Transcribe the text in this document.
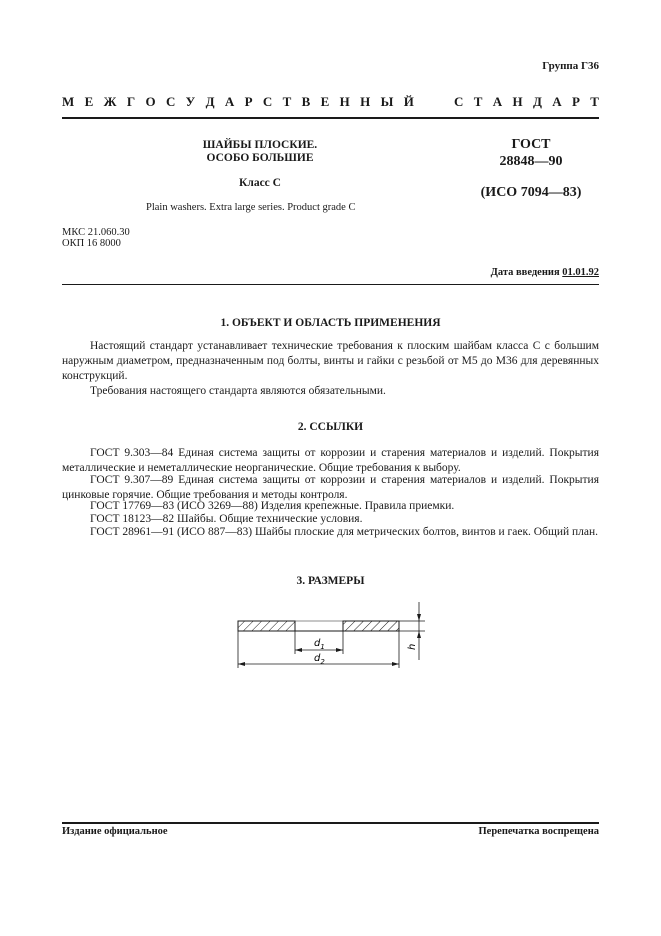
Группа Г36
М Е Ж Г О С У Д А Р С Т В Е Н Н Ы Й	С Т А Н Д А Р Т
ШАЙБЫ ПЛОСКИЕ.
ОСОБО БОЛЬШИЕ
Класс С
Plain washers. Extra large series. Product grade C
ГОСТ
28848—90
(ИСО 7094—83)
МКС 21.060.30
ОКП 16 8000
Дата введения 01.01.92
1. ОБЪЕКТ И ОБЛАСТЬ ПРИМЕНЕНИЯ

Настоящий стандарт устанавливает технические требования к плоским шайбам класса С с большим наружным диаметром, предназначенным под болты, винты и гайки с резьбой от М5 до М36 для деревянных конструкций.

Требования настоящего стандарта являются обязательными.

2. ССЫЛКИ

ГОСТ 9.303—84 Единая система защиты от коррозии и старения материалов и изделий. Покрытия металлические и неметаллические неорганические. Общие требования к выбору.

ГОСТ 9.307—89 Единая система защиты от коррозии и старения материалов и изделий. Покрытия цинковые горячие. Общие требования и методы контроля.

ГОСТ 17769—83 (ИСО 3269—88) Изделия крепежные. Правила приемки.

ГОСТ 18123—82 Шайбы. Общие технические условия.

ГОСТ 28961—91 (ИСО 887—83) Шайбы плоские для метрических болтов, винтов и гаек. Общий план.

3. РАЗМЕРЫ
$d_1$
$d_2$
h
Издание официальное	Перепечатка воспрещена
